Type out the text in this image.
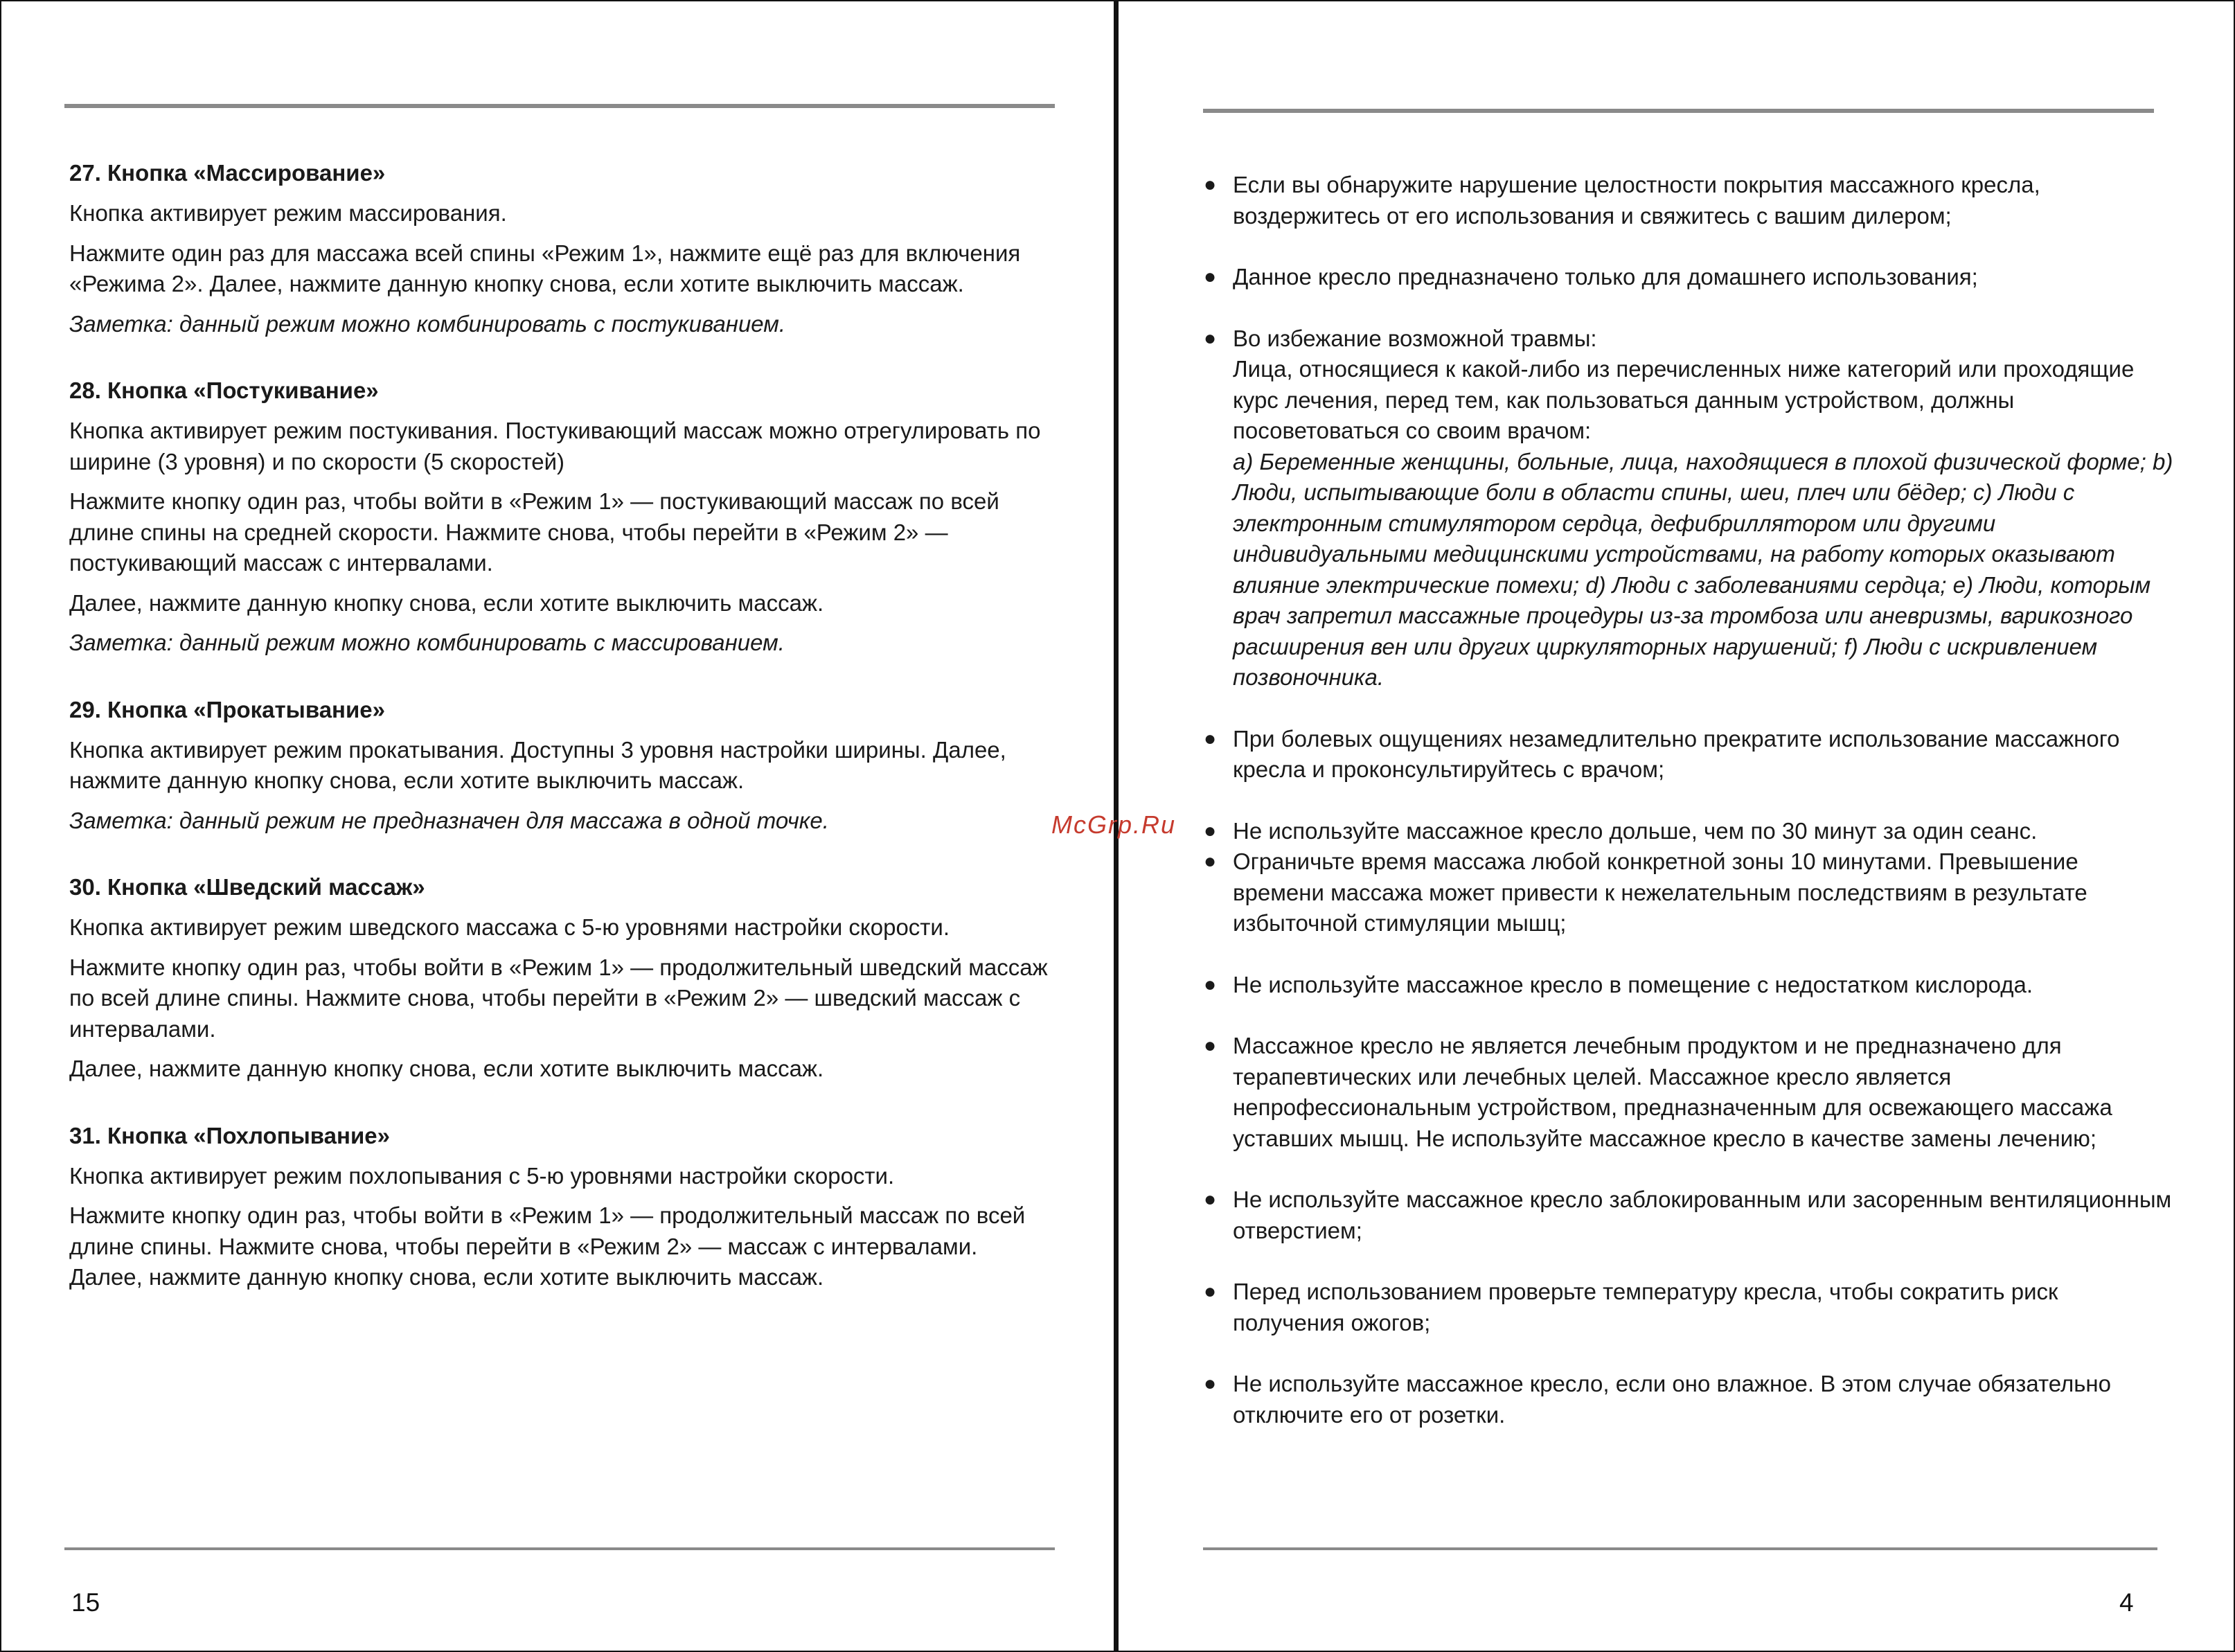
27. Кнопка «Массирование»

Кнопка активирует режим массирования.

Нажмите один раз для массажа всей спины «Режим 1», нажмите ещё раз для включения «Режима 2». Далее, нажмите данную кнопку снова, если хотите выключить массаж.

Заметка: данный режим можно комбинировать с постукиванием.

28. Кнопка «Постукивание»

Кнопка активирует режим постукивания. Постукивающий массаж можно отрегулировать по ширине (3 уровня) и по скорости (5 скоростей)

Нажмите кнопку один раз, чтобы войти в «Режим 1» — постукивающий массаж по всей длине спины на средней скорости. Нажмите снова, чтобы перейти в «Режим 2» — постукивающий массаж с интервалами.

Далее, нажмите данную кнопку снова, если хотите выключить массаж.

Заметка: данный режим можно комбинировать с массированием.

29. Кнопка «Прокатывание»

Кнопка активирует режим прокатывания. Доступны 3 уровня настройки ширины. Далее, нажмите данную кнопку снова, если хотите выключить массаж.

Заметка: данный режим не предназначен для массажа в одной точке.

30. Кнопка «Шведский массаж»

Кнопка активирует режим шведского массажа с 5-ю уровнями настройки скорости.

Нажмите кнопку один раз, чтобы войти в «Режим 1» — продолжительный шведский массаж по всей длине спины. Нажмите снова, чтобы перейти в «Режим 2» — шведский массаж с интервалами.

Далее, нажмите данную кнопку снова, если хотите выключить массаж.

31. Кнопка «Похлопывание»

Кнопка активирует режим похлопывания с 5-ю уровнями настройки скорости.

Нажмите кнопку один раз, чтобы войти в «Режим 1» — продолжительный массаж по всей длине спины. Нажмите снова, чтобы перейти в «Режим 2» — массаж с интервалами. Далее, нажмите данную кнопку снова, если хотите выключить массаж.

15
● Если вы обнаружите нарушение целостности покрытия массажного кресла, воздержитесь от его использования и свяжитесь с вашим дилером;
● Данное кресло предназначено только для домашнего использования;
● Во избежание возможной травмы:
Лица, относящиеся к какой-либо из перечисленных ниже категорий или проходящие курс лечения, перед тем, как пользоваться данным устройством, должны посоветоваться со своим врачом:
a) Беременные женщины, больные, лица, находящиеся в плохой физической форме; b) Люди, испытывающие боли в области спины, шеи, плеч или бёдер; c) Люди с электронным стимулятором сердца, дефибриллятором или другими индивидуальными медицинскими устройствами, на работу которых оказывают влияние электрические помехи; d) Люди с заболеваниями сердца; e) Люди, которым врач запретил массажные процедуры из-за тромбоза или аневризмы, варикозного расширения вен или других циркуляторных нарушений; f) Люди с искривлением позвоночника.
● При болевых ощущениях незамедлительно прекратите использование массажного кресла и проконсультируйтесь с врачом;
● Не используйте массажное кресло дольше, чем по 30 минут за один сеанс.
● Ограничьте время массажа любой конкретной зоны 10 минутами. Превышение времени массажа может привести к нежелательным последствиям в результате избыточной стимуляции мышц;
● Не используйте массажное кресло в помещение с недостатком кислорода.
● Массажное кресло не является лечебным продуктом и не предназначено для терапевтических или лечебных целей. Массажное кресло является непрофессиональным устройством, предназначенным для освежающего массажа уставших мышц. Не используйте массажное кресло в качестве замены лечению;
● Не используйте массажное кресло заблокированным или засоренным вентиляционным отверстием;
● Перед использованием проверьте температуру кресла, чтобы сократить риск получения ожогов;
● Не используйте массажное кресло, если оно влажное. В этом случае обязательно отключите его от розетки.
4
McGrp.Ru
